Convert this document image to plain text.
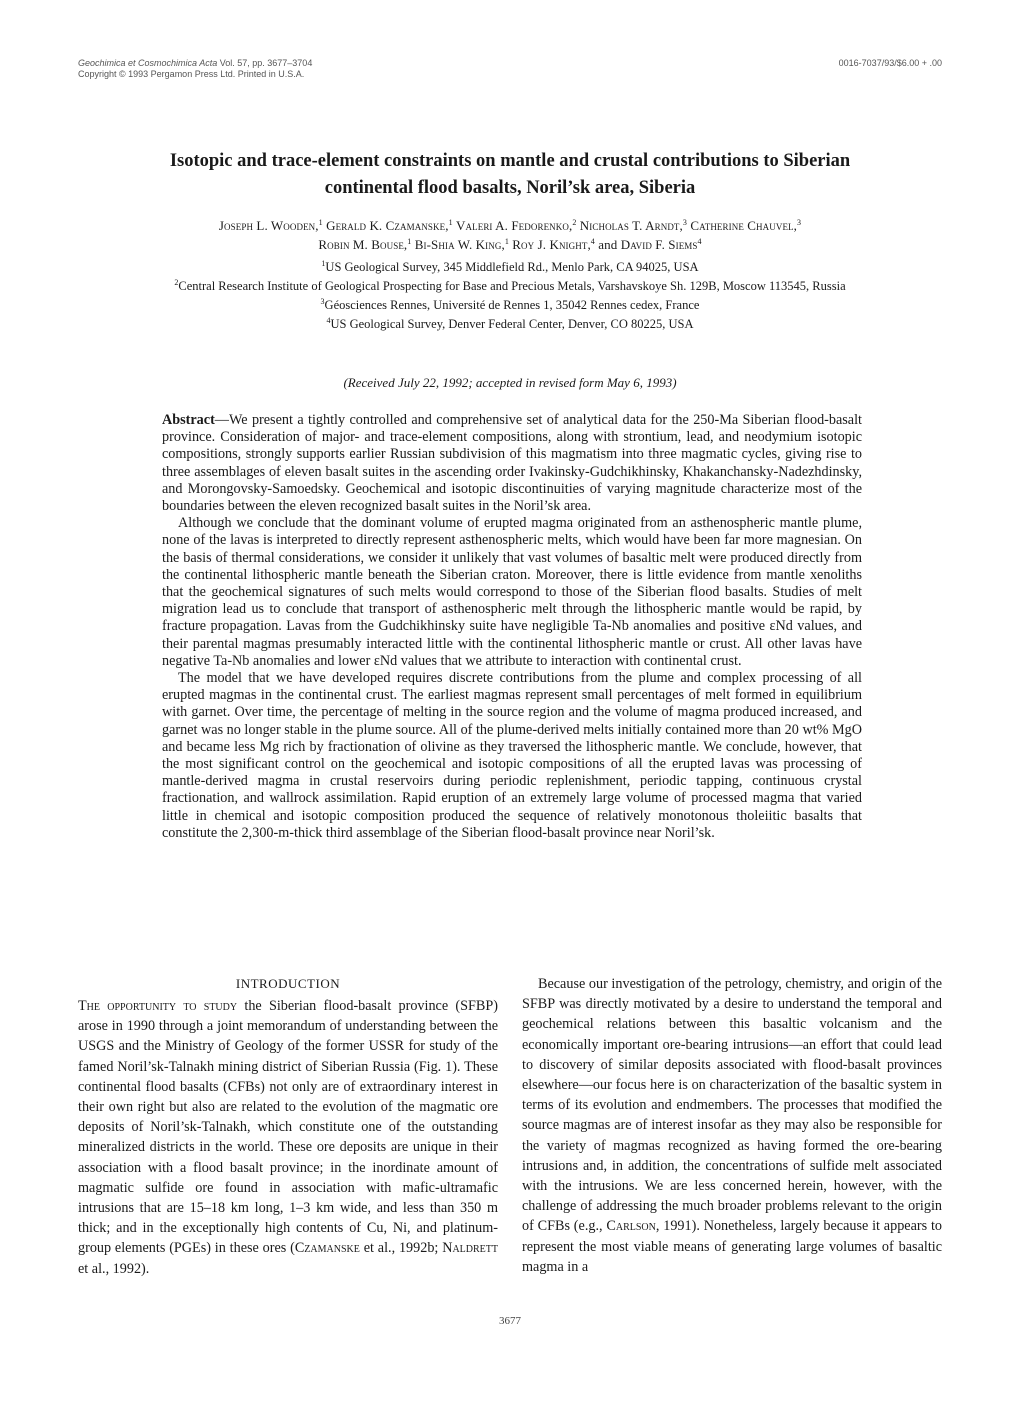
Geochimica et Cosmochimica Acta Vol. 57, pp. 3677–3704
Copyright © 1993 Pergamon Press Ltd. Printed in U.S.A.
0016-7037/93/$6.00 + .00
Isotopic and trace-element constraints on mantle and crustal contributions to Siberian
continental flood basalts, Noril’sk area, Siberia
Joseph L. Wooden,$^1$ Gerald K. Czamanske,$^1$ Valeri A. Fedorenko,$^2$ Nicholas T. Arndt,$^3$ Catherine Chauvel,$^3$
Robin M. Bouse,$^1$ Bi-Shia W. King,$^1$ Roy J. Knight,$^4$ and David F. Siems$^4$
$^1$US Geological Survey, 345 Middlefield Rd., Menlo Park, CA 94025, USA
$^2$Central Research Institute of Geological Prospecting for Base and Precious Metals, Varshavskoye Sh. 129B, Moscow 113545, Russia
$^3$Géosciences Rennes, Université de Rennes 1, 35042 Rennes cedex, France
$^4$US Geological Survey, Denver Federal Center, Denver, CO 80225, USA
(Received July 22, 1992; accepted in revised form May 6, 1993)

Abstract—We present a tightly controlled and comprehensive set of analytical data for the 250-Ma Siberian flood-basalt province. Consideration of major- and trace-element compositions, along with strontium, lead, and neodymium isotopic compositions, strongly supports earlier Russian subdivision of this magmatism into three magmatic cycles, giving rise to three assemblages of eleven basalt suites in the ascending order Ivakinsky-Gudchikhinsky, Khakanchansky-Nadezhdinsky, and Morongovsky-Samoedsky. Geochemical and isotopic discontinuities of varying magnitude characterize most of the boundaries between the eleven recognized basalt suites in the Noril’sk area.

Although we conclude that the dominant volume of erupted magma originated from an asthenospheric mantle plume, none of the lavas is interpreted to directly represent asthenospheric melts, which would have been far more magnesian. On the basis of thermal considerations, we consider it unlikely that vast volumes of basaltic melt were produced directly from the continental lithospheric mantle beneath the Siberian craton. Moreover, there is little evidence from mantle xenoliths that the geochemical signatures of such melts would correspond to those of the Siberian flood basalts. Studies of melt migration lead us to conclude that transport of asthenospheric melt through the lithospheric mantle would be rapid, by fracture propagation. Lavas from the Gudchikhinsky suite have negligible Ta-Nb anomalies and positive εNd values, and their parental magmas presumably interacted little with the continental lithospheric mantle or crust. All other lavas have negative Ta-Nb anomalies and lower εNd values that we attribute to interaction with continental crust.

The model that we have developed requires discrete contributions from the plume and complex processing of all erupted magmas in the continental crust. The earliest magmas represent small percentages of melt formed in equilibrium with garnet. Over time, the percentage of melting in the source region and the volume of magma produced increased, and garnet was no longer stable in the plume source. All of the plume-derived melts initially contained more than 20 wt% MgO and became less Mg rich by fractionation of olivine as they traversed the lithospheric mantle. We conclude, however, that the most significant control on the geochemical and isotopic compositions of all the erupted lavas was processing of mantle-derived magma in crustal reservoirs during periodic replenishment, periodic tapping, continuous crystal fractionation, and wallrock assimilation. Rapid eruption of an extremely large volume of processed magma that varied little in chemical and isotopic composition produced the sequence of relatively monotonous tholeiitic basalts that constitute the 2,300-m-thick third assemblage of the Siberian flood-basalt province near Noril’sk.

INTRODUCTION

The opportunity to study the Siberian flood-basalt province (SFBP) arose in 1990 through a joint memorandum of understanding between the USGS and the Ministry of Geology of the former USSR for study of the famed Noril’sk-Talnakh mining district of Siberian Russia (Fig. 1). These continental flood basalts (CFBs) not only are of extraordinary interest in their own right but also are related to the evolution of the magmatic ore deposits of Noril’sk-Talnakh, which constitute one of the outstanding mineralized districts in the world. These ore deposits are unique in their association with a flood basalt province; in the inordinate amount of magmatic sulfide ore found in association with mafic-ultramafic intrusions that are 15–18 km long, 1–3 km wide, and less than 350 m thick; and in the exceptionally high contents of Cu, Ni, and platinum-group elements (PGEs) in these ores (Czamanske et al., 1992b; Naldrett et al., 1992).

Because our investigation of the petrology, chemistry, and origin of the SFBP was directly motivated by a desire to understand the temporal and geochemical relations between this basaltic volcanism and the economically important ore-bearing intrusions—an effort that could lead to discovery of similar deposits associated with flood-basalt provinces elsewhere—our focus here is on characterization of the basaltic system in terms of its evolution and endmembers. The processes that modified the source magmas are of interest insofar as they may also be responsible for the variety of magmas recognized as having formed the ore-bearing intrusions and, in addition, the concentrations of sulfide melt associated with the intrusions. We are less concerned herein, however, with the challenge of addressing the much broader problems relevant to the origin of CFBs (e.g., Carlson, 1991). Nonetheless, largely because it appears to represent the most viable means of generating large volumes of basaltic magma in a

3677
